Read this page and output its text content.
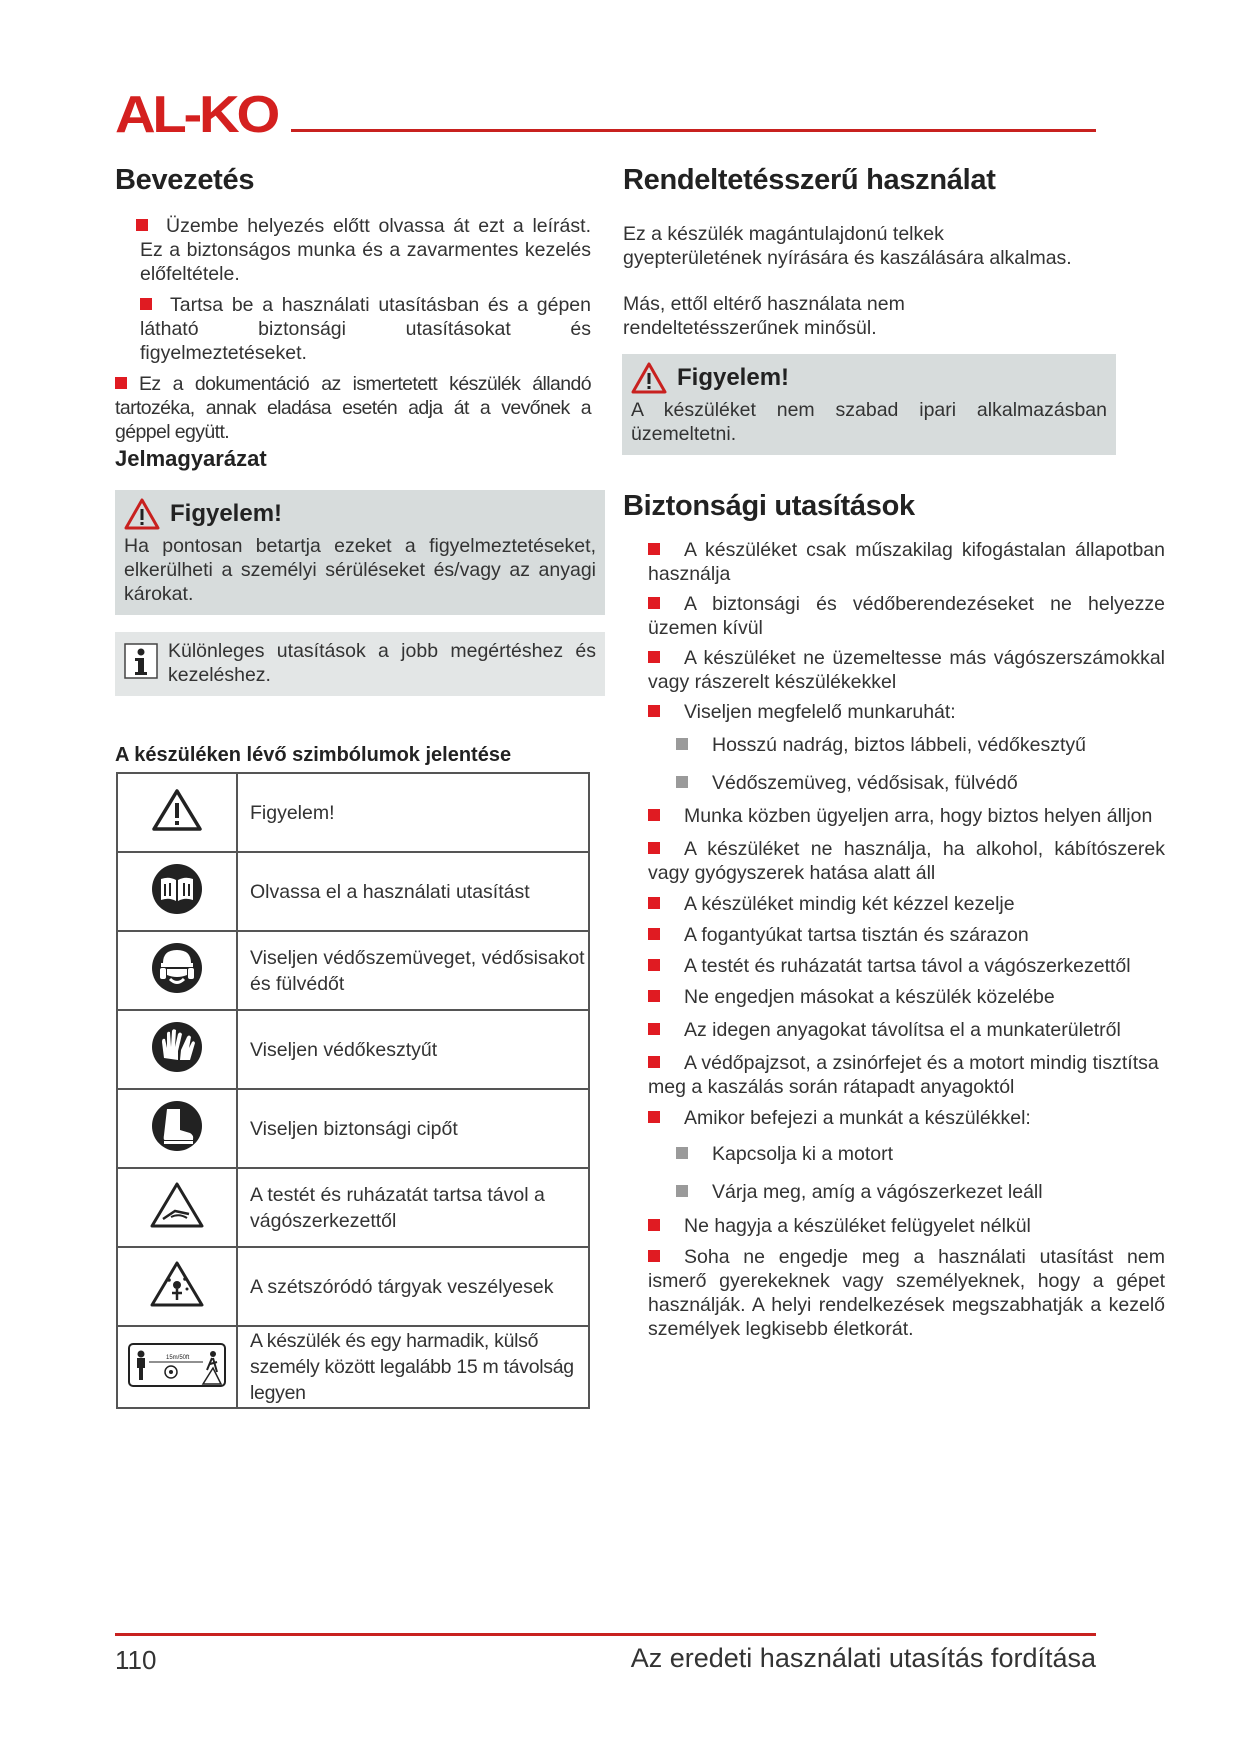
AL-KO
Bevezetés
Üzembe helyezés előtt olvassa át ezt a leírást. Ez a biztonságos munka és a zavarmentes kezelés előfeltétele.
Tartsa be a használati utasításban és a gépen látható biztonsági utasításokat és figyelmeztetéseket.
Ez a dokumentáció az ismertetett készülék állandó tartozéka, annak eladása esetén adja át a vevőnek a géppel együtt.
Jelmagyarázat
Figyelem!
Ha pontosan betartja ezeket a figyelmeztetéseket, elkerülheti a személyi sérüléseket és/vagy az anyagi károkat.
Különleges utasítások a jobb megértéshez és kezeléshez.
A készüléken lévő szimbólumok jelentése
	Figyelem!
	Olvassa el a használati utasítást
	Viseljen védőszemüveget, védősisakot és fülvédőt
	Viseljen védőkesztyűt
	Viseljen biztonsági cipőt
	A testét és ruházatát tartsa távol a vágószerkezettől
	A szétszóródó tárgyak veszélyesek

15m/50ft	A készülék és egy harmadik, külső személy között legalább 15 m távolság legyen
Rendeltetésszerű használat
Ez a készülék magántulajdonú telkek gyepterületének nyírására és kaszálására alkalmas.
Más, ettől eltérő használata nem rendeltetésszerűnek minősül.
Figyelem!
A készüléket nem szabad ipari alkalmazásban üzemeltetni.
Biztonsági utasítások
A készüléket csak műszakilag kifogástalan állapotban használja
A biztonsági és védőberendezéseket ne helyezze üzemen kívül
A készüléket ne üzemeltesse más vágószerszámokkal vagy rászerelt készülékekkel
Viseljen megfelelő munkaruhát:
Hosszú nadrág, biztos lábbeli, védőkesztyű
Védőszemüveg, védősisak, fülvédő
Munka közben ügyeljen arra, hogy biztos helyen álljon
A készüléket ne használja, ha alkohol, kábítószerek vagy gyógyszerek hatása alatt áll
A készüléket mindig két kézzel kezelje
A fogantyúkat tartsa tisztán és szárazon
A testét és ruházatát tartsa távol a vágószerkezettől
Ne engedjen másokat a készülék közelébe
Az idegen anyagokat távolítsa el a munkaterületről
A védőpajzsot, a zsinórfejet és a motort mindig tisztítsa meg a kaszálás során rátapadt anyagoktól
Amikor befejezi a munkát a készülékkel:
Kapcsolja ki a motort
Várja meg, amíg a vágószerkezet leáll
Ne hagyja a készüléket felügyelet nélkül
Soha ne engedje meg a használati utasítást nem ismerő gyerekeknek vagy személyeknek, hogy a gépet használják. A helyi rendelkezések megszabhatják a kezelő személyek legkisebb életkorát.
110	Az eredeti használati utasítás fordítása
